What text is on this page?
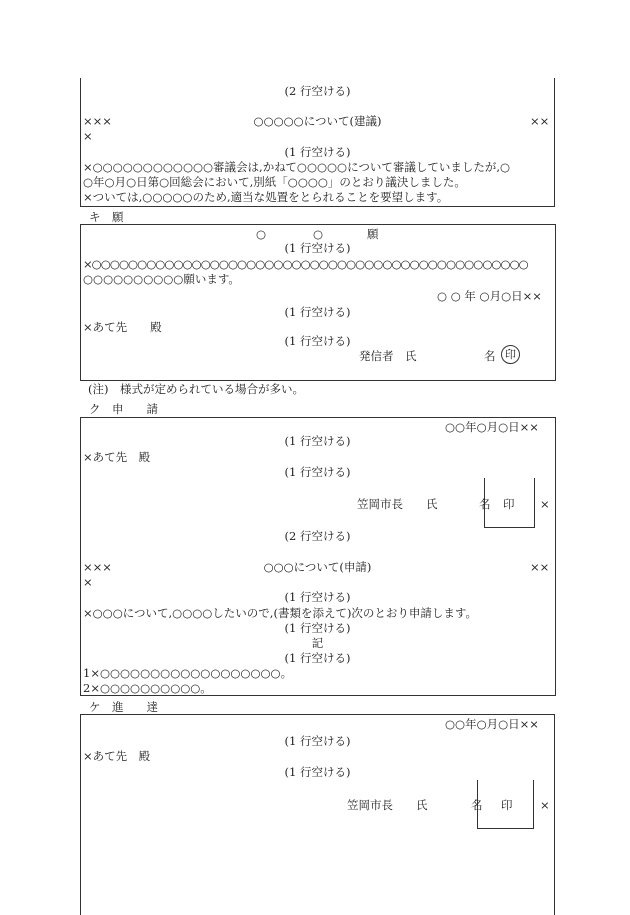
(2 行空ける)
×××	○○○○○について(建議)	××
×
(1 行空ける)
×○○○○○○○○○○○○審議会は,かねて○○○○○について審議していましたが,○
○年○月○日第○回総会において,別紙「○○○○」のとおり議決しました。
×ついては,○○○○○のため,適当な処置をとられることを要望します。
キ　願
○	○	願
(1 行空ける)
×○○○○○○○○○○○○○○○○○○○○○○○○○○○○○○○○○○○○○○○○○○○○○○○○
○○○○○○○○○○願います。
○ ○ 年 ○月○日××
(1 行空ける)
×あて先　　殿
(1 行空ける)
発信者　氏	名 印
(注)　様式が定められている場合が多い。
ク　申　　請
○○年○月○日××
(1 行空ける)
×あて先　殿
(1 行空ける)
笠岡市長　　氏	名 印 ×
(2 行空ける)
×××	○○○について(申請)	××
×
(1 行空ける)
×○○○について,○○○○したいので,(書類を添えて)次のとおり申請します。
(1 行空ける)
記
(1 行空ける)
1×○○○○○○○○○○○○○○○○○○。
2×○○○○○○○○○○。
ケ　進　　達
○○年○月○日××
(1 行空ける)
×あて先　殿
(1 行空ける)
笠岡市長　　氏	名 印 ×
